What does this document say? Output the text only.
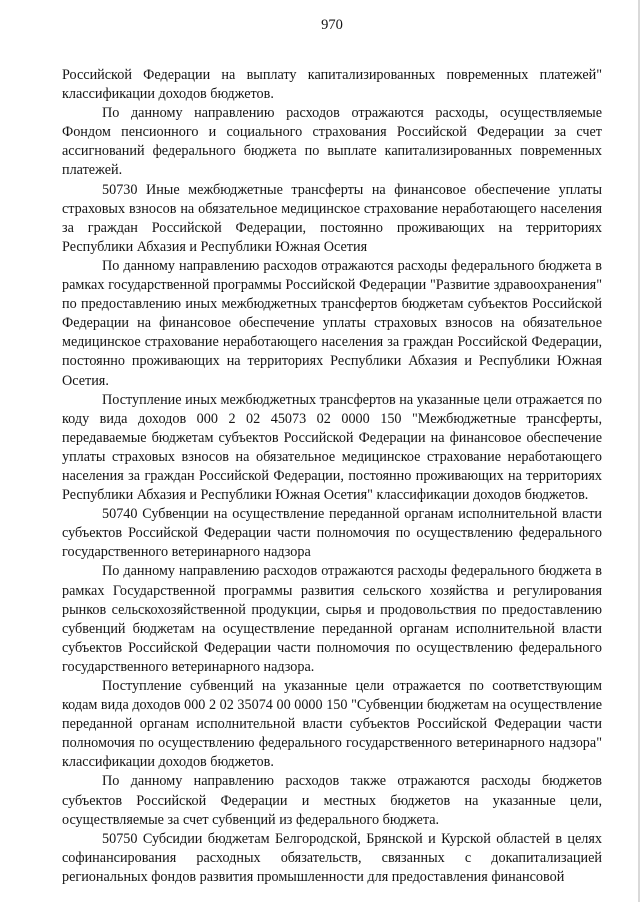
970

Российской Федерации на выплату капитализированных повременных платежей" классификации доходов бюджетов.

По данному направлению расходов отражаются расходы, осуществляемые Фондом пенсионного и социального страхования Российской Федерации за счет ассигнований федерального бюджета по выплате капитализированных повременных платежей.

50730 Иные межбюджетные трансферты на финансовое обеспечение уплаты страховых взносов на обязательное медицинское страхование неработающего населения за граждан Российской Федерации, постоянно проживающих на территориях Республики Абхазия и Республики Южная Осетия

По данному направлению расходов отражаются расходы федерального бюджета в рамках государственной программы Российской Федерации "Развитие здравоохранения" по предоставлению иных межбюджетных трансфертов бюджетам субъектов Российской Федерации на финансовое обеспечение уплаты страховых взносов на обязательное медицинское страхование неработающего населения за граждан Российской Федерации, постоянно проживающих на территориях Республики Абхазия и Республики Южная Осетия.

Поступление иных межбюджетных трансфертов на указанные цели отражается по коду вида доходов 000 2 02 45073 02 0000 150 "Межбюджетные трансферты, передаваемые бюджетам субъектов Российской Федерации на финансовое обеспечение уплаты страховых взносов на обязательное медицинское страхование неработающего населения за граждан Российской Федерации, постоянно проживающих на территориях Республики Абхазия и Республики Южная Осетия" классификации доходов бюджетов.

50740 Субвенции на осуществление переданной органам исполнительной власти субъектов Российской Федерации части полномочия по осуществлению федерального государственного ветеринарного надзора

По данному направлению расходов отражаются расходы федерального бюджета в рамках Государственной программы развития сельского хозяйства и регулирования рынков сельскохозяйственной продукции, сырья и продовольствия по предоставлению субвенций бюджетам на осуществление переданной органам исполнительной власти субъектов Российской Федерации части полномочия по осуществлению федерального государственного ветеринарного надзора.

Поступление субвенций на указанные цели отражается по соответствующим кодам вида доходов 000 2 02 35074 00 0000 150 "Субвенции бюджетам на осуществление переданной органам исполнительной власти субъектов Российской Федерации части полномочия по осуществлению федерального государственного ветеринарного надзора" классификации доходов бюджетов.

По данному направлению расходов также отражаются расходы бюджетов субъектов Российской Федерации и местных бюджетов на указанные цели, осуществляемые за счет субвенций из федерального бюджета.

50750 Субсидии бюджетам Белгородской, Брянской и Курской областей в целях софинансирования расходных обязательств, связанных с докапитализацией региональных фондов развития промышленности для предоставления финансовой
